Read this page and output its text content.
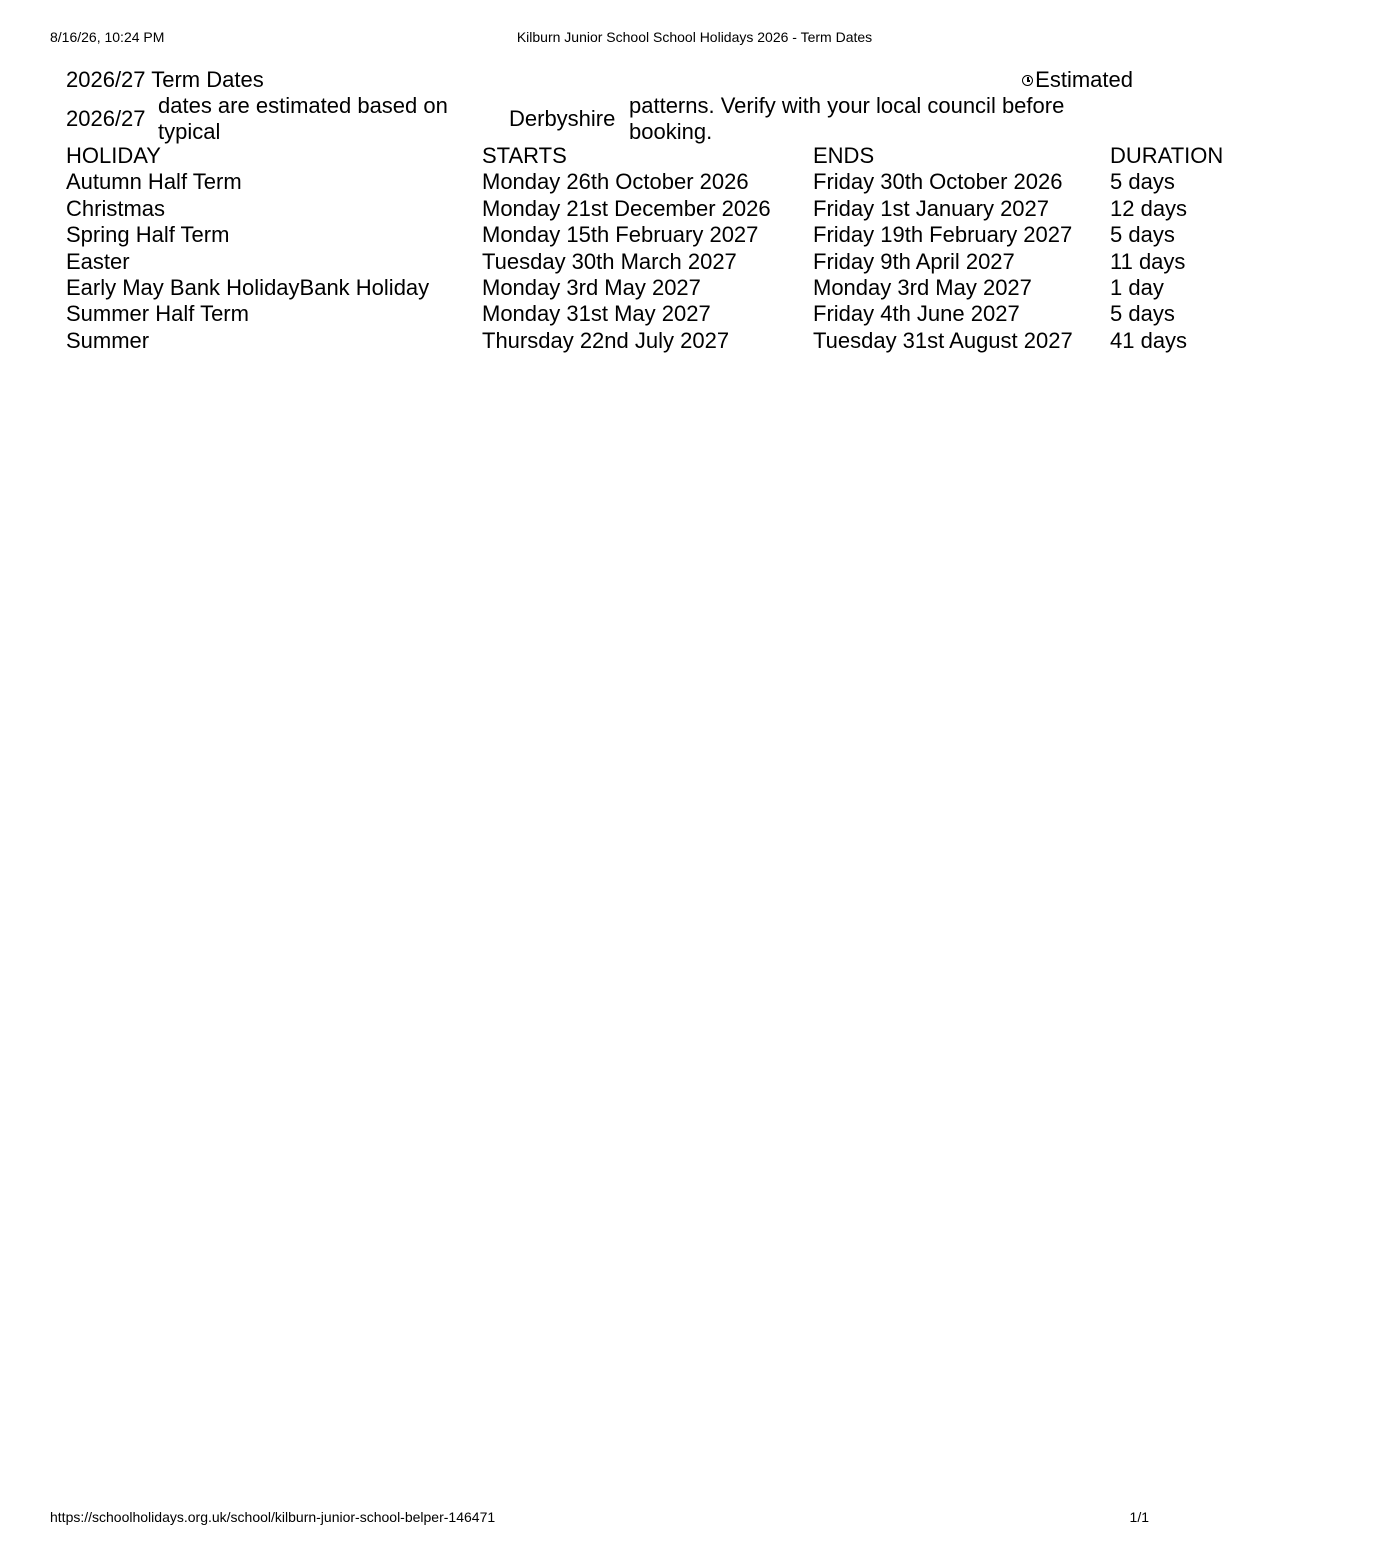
8/16/26, 10:24 PM	Kilburn Junior School School Holidays 2026 - Term Dates
2026/27 Term Dates	Estimated
2026/27
dates are estimated based on typical
Derbyshire
patterns. Verify with your local council before booking.
HOLIDAY	STARTS	ENDS	DURATION
Autumn Half Term	Monday 26th October 2026	Friday 30th October 2026	5 days
Christmas	Monday 21st December 2026	Friday 1st January 2027	12 days
Spring Half Term	Monday 15th February 2027	Friday 19th February 2027	5 days
Easter	Tuesday 30th March 2027	Friday 9th April 2027	11 days
Early May Bank HolidayBank Holiday	Monday 3rd May 2027	Monday 3rd May 2027	1 day
Summer Half Term	Monday 31st May 2027	Friday 4th June 2027	5 days
Summer	Thursday 22nd July 2027	Tuesday 31st August 2027	41 days
https://schoolholidays.org.uk/school/kilburn-junior-school-belper-146471	1/1
